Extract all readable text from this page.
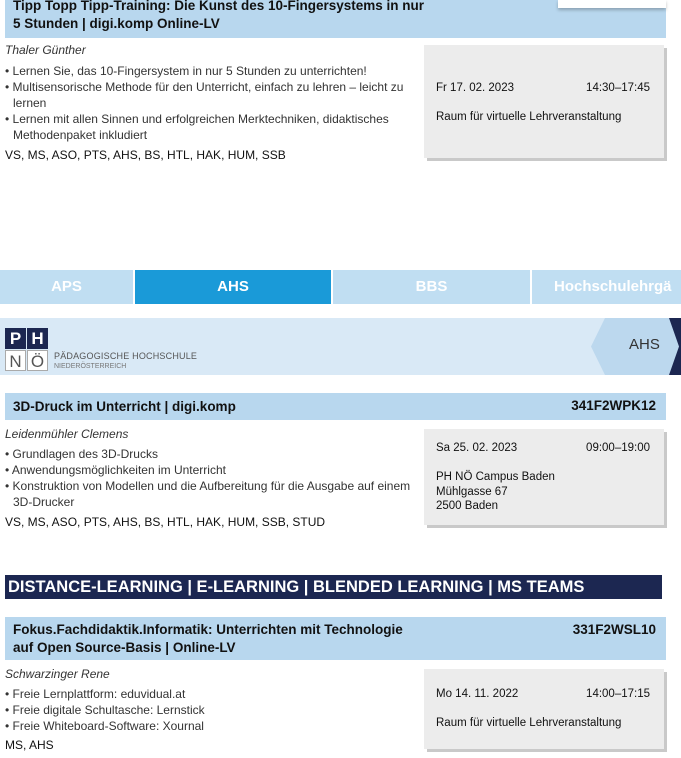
Tipp Topp Tipp-Training: Die Kunst des 10-Fingersystems in nur
5 Stunden | digi.komp Online-LV
Thaler Günther
• Lernen Sie, das 10-Fingersystem in nur 5 Stunden zu unterrichten!
• Multisensorische Methode für den Unterricht, einfach zu lehren – leicht zu lernen
• Lernen mit allen Sinnen und erfolgreichen Merktechniken, didaktisches Methodenpaket inkludiert
VS, MS, ASO, PTS, AHS, BS, HTL, HAK, HUM, SSB
Fr 17. 02. 2023	14:30–17:45
Raum für virtuelle Lehrveranstaltung
APS	AHS	BBS	Hochschulehrgä
P H
N Ö	PÄDAGOGISCHE HOCHSCHULE
NIEDERÖSTERREICH
AHS
3D-Druck im Unterricht | digi.komp	341F2WPK12
Leidenmühler Clemens
• Grundlagen des 3D-Drucks
• Anwendungsmöglichkeiten im Unterricht
• Konstruktion von Modellen und die Aufbereitung für die Ausgabe auf einem 3D-Drucker
VS, MS, ASO, PTS, AHS, BS, HTL, HAK, HUM, SSB, STUD
Sa 25. 02. 2023	09:00–19:00
PH NÖ Campus Baden
Mühlgasse 67
2500 Baden
DISTANCE-LEARNING | E-LEARNING | BLENDED LEARNING | MS TEAMS
Fokus.Fachdidaktik.Informatik: Unterrichten mit Technologie
auf Open Source-Basis | Online-LV
331F2WSL10
Schwarzinger Rene
• Freie Lernplattform: eduvidual.at
• Freie digitale Schultasche: Lernstick
• Freie Whiteboard-Software: Xournal
MS, AHS
Mo 14. 11. 2022	14:00–17:15
Raum für virtuelle Lehrveranstaltung
